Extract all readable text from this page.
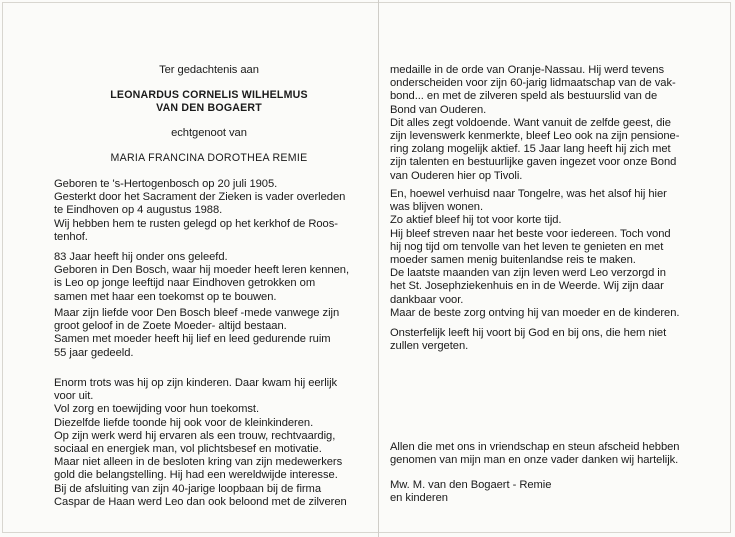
Ter gedachtenis aan
LEONARDUS CORNELIS WILHELMUS
VAN DEN BOGAERT
echtgenoot van
MARIA FRANCINA DOROTHEA REMIE
Geboren te 's-Hertogenbosch op 20 juli 1905.
Gesterkt door het Sacrament der Zieken is vader overleden
te Eindhoven op 4 augustus 1988.
Wij hebben hem te rusten gelegd op het kerkhof de Roos-
tenhof.
83 Jaar heeft hij onder ons geleefd.
Geboren in Den Bosch, waar hij moeder heeft leren kennen,
is Leo op jonge leeftijd naar Eindhoven getrokken om
samen met haar een toekomst op te bouwen.
Maar zijn liefde voor Den Bosch bleef -mede vanwege zijn
groot geloof in de Zoete Moeder- altijd bestaan.
Samen met moeder heeft hij lief en leed gedurende ruim
55 jaar gedeeld.
Enorm trots was hij op zijn kinderen. Daar kwam hij eerlijk
voor uit.
Vol zorg en toewijding voor hun toekomst.
Diezelfde liefde toonde hij ook voor de kleinkinderen.
Op zijn werk werd hij ervaren als een trouw, rechtvaardig,
sociaal en energiek man, vol plichtsbesef en motivatie.
Maar niet alleen in de besloten kring van zijn medewerkers
gold die belangstelling. Hij had een wereldwijde interesse.
Bij de afsluiting van zijn 40-jarige loopbaan bij de firma
Caspar de Haan werd Leo dan ook beloond met de zilveren
medaille in de orde van Oranje-Nassau. Hij werd tevens
onderscheiden voor zijn 60-jarig lidmaatschap van de vak-
bond... en met de zilveren speld als bestuurslid van de
Bond van Ouderen.
Dit alles zegt voldoende. Want vanuit de zelfde geest, die
zijn levenswerk kenmerkte, bleef Leo ook na zijn pensione-
ring zolang mogelijk aktief. 15 Jaar lang heeft hij zich met
zijn talenten en bestuurlijke gaven ingezet voor onze Bond
van Ouderen hier op Tivoli.
En, hoewel verhuisd naar Tongelre, was het alsof hij hier
was blijven wonen.
Zo aktief bleef hij tot voor korte tijd.
Hij bleef streven naar het beste voor iedereen. Toch vond
hij nog tijd om tenvolle van het leven te genieten en met
moeder samen menig buitenlandse reis te maken.
De laatste maanden van zijn leven werd Leo verzorgd in
het St. Josephziekenhuis en in de Weerde. Wij zijn daar
dankbaar voor.
Maar de beste zorg ontving hij van moeder en de kinderen.
Onsterfelijk leeft hij voort bij God en bij ons, die hem niet
zullen vergeten.
Allen die met ons in vriendschap en steun afscheid hebben
genomen van mijn man en onze vader danken wij hartelijk.
Mw. M. van den Bogaert - Remie
en kinderen
